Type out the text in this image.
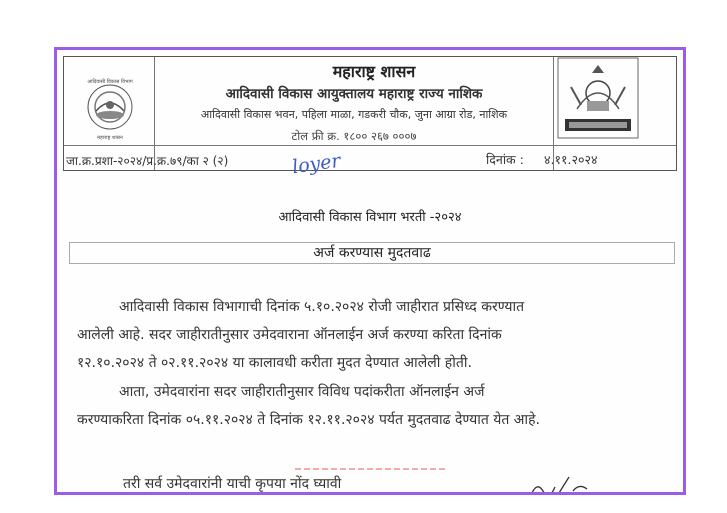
आदिवासी विकास विभाग
महाराष्ट्र शासन
महाराष्ट्र शासन
आदिवासी विकास आयुक्तालय महाराष्ट्र राज्य नाशिक
आदिवासी विकास भवन, पहिला माळा, गडकरी चौक, जुना आग्रा रोड, नाशिक
टोल फ्री क्र. १८०० २६७ ०००७
जा.क्र.प्रशा-२०२४/प्र.क्र.७९/का २ (२)	loyer	दिनांक : ४.११.२०२४
आदिवासी विकास विभाग भरती -२०२४
अर्ज करण्यास मुदतवाढ
आदिवासी विकास विभागाची दिनांक ५.१०.२०२४ रोजी जाहीरात प्रसिध्द करण्यात
आलेली आहे. सदर जाहीरातीनुसार उमेदवाराना ऑनलाईन अर्ज करण्या करिता दिनांक
१२.१०.२०२४ ते ०२.११.२०२४ या कालावधी करीता मुदत देण्यात आलेली होती.
आता, उमेदवारांना सदर जाहीरातीनुसार विविध पदांकरीता ऑनलाईन अर्ज
करण्याकरिता दिनांक ०५.११.२०२४ ते दिनांक १२.११.२०२४ पर्यत मुदतवाढ देण्यात येत आहे.
तरी सर्व उमेदवारांनी याची कृपया नोंद घ्यावी
